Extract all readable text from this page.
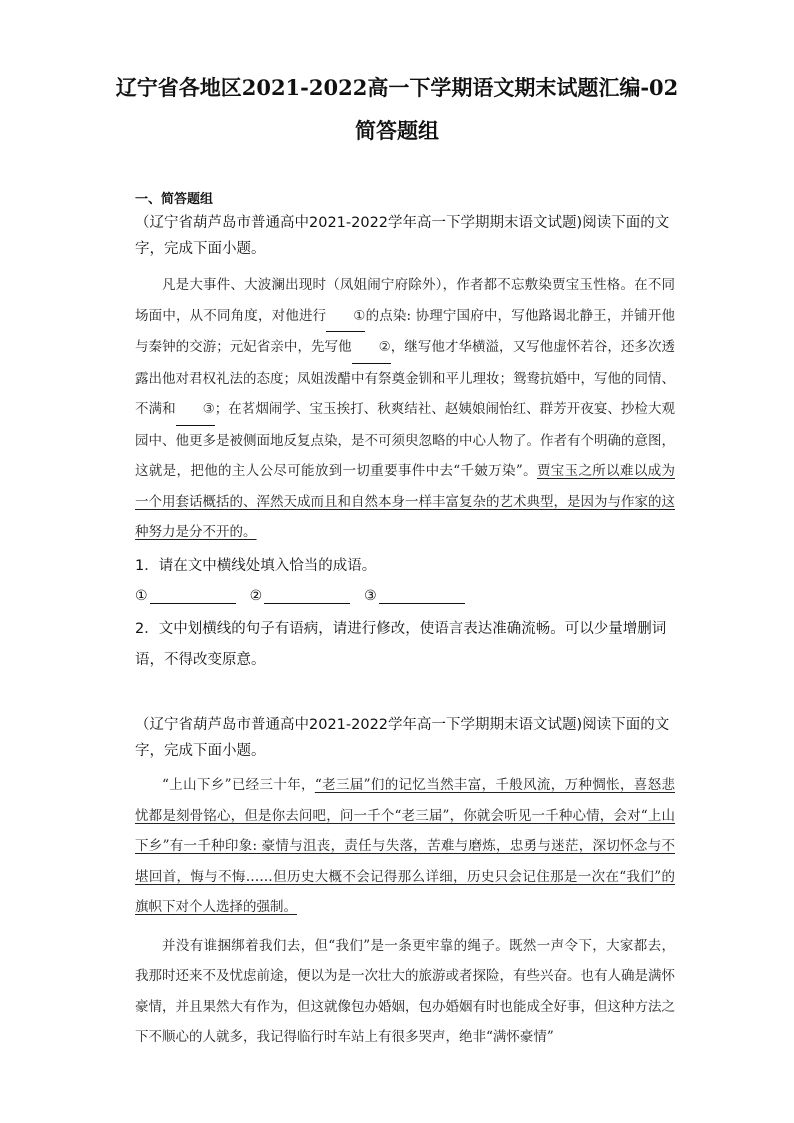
辽宁省各地区2021-2022高一下学期语文期末试题汇编-02
简答题组
一、简答题组
（辽宁省葫芦岛市普通高中2021-2022学年高一下学期期末语文试题)阅读下面的文字，完成下面小题。

凡是大事件、大波澜出现时（凤姐闹宁府除外），作者都不忘敷染贾宝玉性格。在不同场面中，从不同角度，对他进行 ①的点染: 协理宁国府中，写他路谒北静王，并铺开他与秦钟的交游；元妃省亲中，先写他 ②，继写他才华横溢，又写他虚怀若谷，还多次透露出他对君权礼法的态度；凤姐泼醋中有祭奠金钏和平儿理妆；鸳鸯抗婚中，写他的同情、不满和 ③；在茗烟闹学、宝玉挨打、秋爽结社、赵姨娘闹怡红、群芳开夜宴、抄检大观园中、他更多是被侧面地反复点染，是不可须臾忽略的中心人物了。作者有个明确的意图，这就是，把他的主人公尽可能放到一切重要事件中去“千皴万染”。贾宝玉之所以难以成为一个用套话概括的、浑然天成而且和自然本身一样丰富复杂的艺术典型，是因为与作家的这种努力是分不开的。

1．请在文中横线处填入恰当的成语。
①	②	③
2．文中划横线的句子有语病，请进行修改，使语言表达准确流畅。可以少量增删词语，不得改变原意。
（辽宁省葫芦岛市普通高中2021-2022学年高一下学期期末语文试题)阅读下面的文字，完成下面小题。

“上山下乡”已经三十年，“老三届”们的记忆当然丰富，千般风流，万种惆怅，喜怒悲忧都是刻骨铭心，但是你去问吧，问一千个“老三届”，你就会听见一千种心情，会对“上山下乡”有一千种印象: 豪情与沮丧，责任与失落，苦难与磨炼，忠勇与迷茫，深切怀念与不堪回首，悔与不悔……但历史大概不会记得那么详细，历史只会记住那是一次在“我们”的旗帜下对个人选择的强制。

并没有谁捆绑着我们去，但“我们”是一条更牢靠的绳子。既然一声令下，大家都去，我那时还来不及忧虑前途，便以为是一次壮大的旅游或者探险，有些兴奋。也有人确是满怀豪情，并且果然大有作为，但这就像包办婚姻，包办婚姻有时也能成全好事，但这种方法之下不顺心的人就多，我记得临行时车站上有很多哭声，绝非“满怀豪情”
